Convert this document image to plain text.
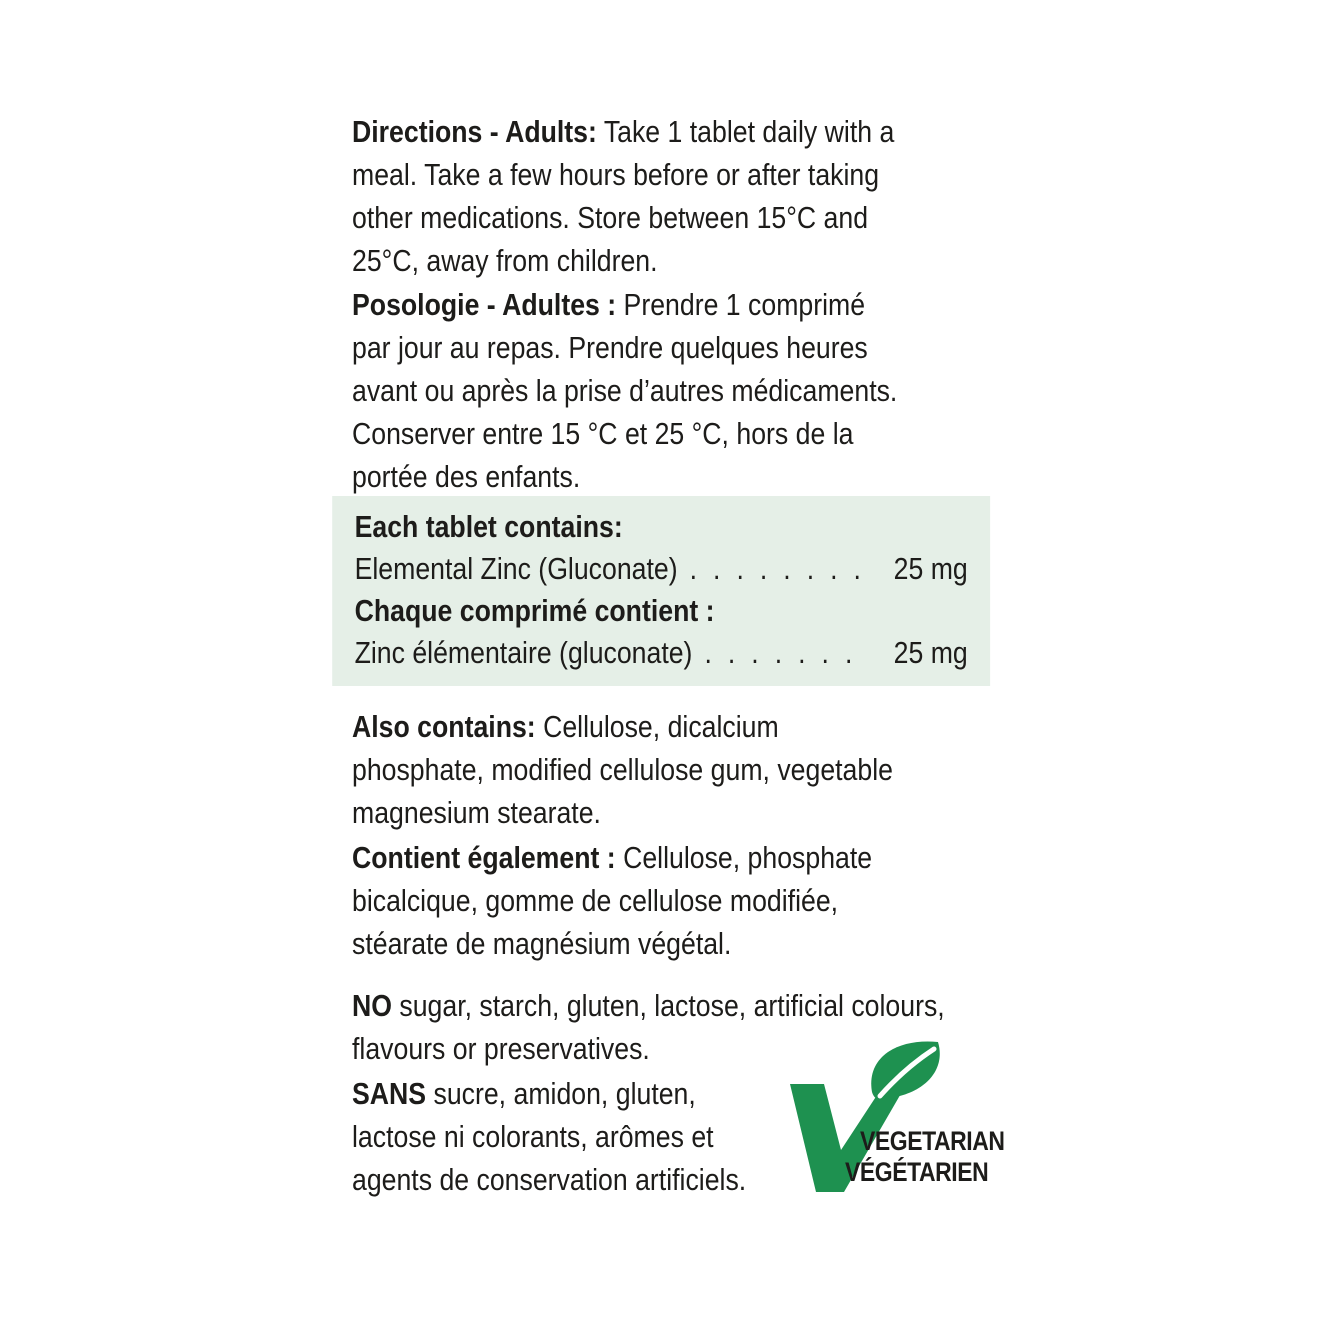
Directions - Adults: Take 1 tablet daily with a
meal. Take a few hours before or after taking
other medications. Store between 15°C and
25°C, away from children.
Posologie - Adultes : Prendre 1 comprimé
par jour au repas. Prendre quelques heures
avant ou après la prise d’autres médicaments.
Conserver entre 15 °C et 25 °C, hors de la
portée des enfants.
Each tablet contains:
Elemental Zinc (Gluconate) . . . . . . . . 25 mg
Chaque comprimé contient :
Zinc élémentaire (gluconate) . . . . . . .	25 mg
Also contains: Cellulose, dicalcium
phosphate, modified cellulose gum, vegetable
magnesium stearate.
Contient également : Cellulose, phosphate
bicalcique, gomme de cellulose modifiée,
stéarate de magnésium végétal.
NO sugar, starch, gluten, lactose, artificial colours,
flavours or preservatives.
SANS sucre, amidon, gluten,
lactose ni colorants, arômes et
agents de conservation artificiels.
VEGETARIAN
VÉGÉTARIEN
